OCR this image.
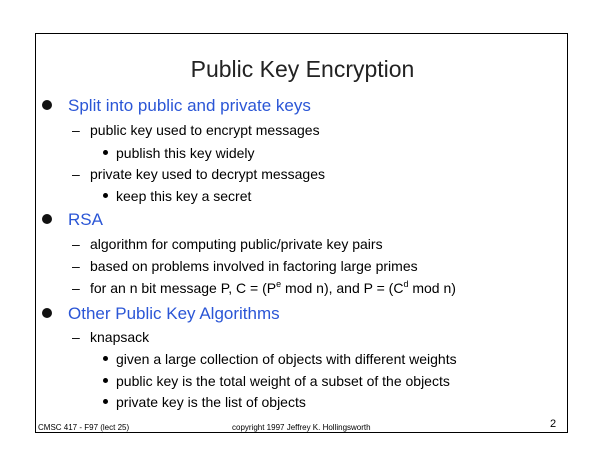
Public Key Encryption
Split into public and private keys
– public key used to encrypt messages
publish this key widely
– private key used to decrypt messages
keep this key a secret
RSA
– algorithm for computing public/private key pairs
– based on problems involved in factoring large primes
– for an n bit message P, $C = (P^e$ mod n), and $P = (C^d$ mod n)
Other Public Key Algorithms
– knapsack
given a large collection of objects with different weights
public key is the total weight of a subset of the objects
private key is the list of objects
CMSC 417 - F97 (lect 25)	copyright 1997 Jeffrey K. Hollingsworth	2
